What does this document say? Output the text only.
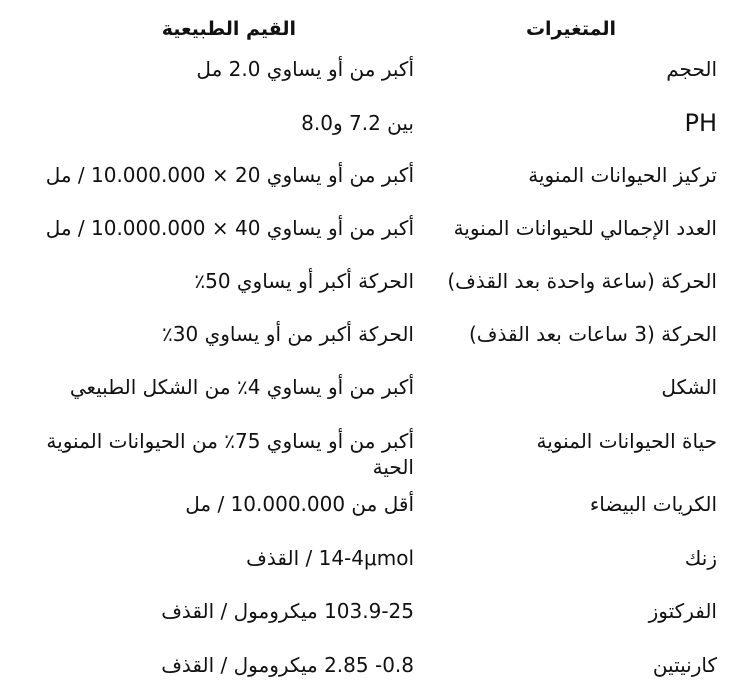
المتغيرات
القيم الطبيعية
الحجم
أكبر من أو يساوي 2.0 مل
PH
بين 7.2 و8.0
تركيز الحيوانات المنوية
أكبر من أو يساوي 20 × 10.000.000 / مل
العدد الإجمالي للحيوانات المنوية
أكبر من أو يساوي 40 × 10.000.000 / مل
الحركة (ساعة واحدة بعد القذف)
الحركة أكبر أو يساوي 50٪
الحركة (3 ساعات بعد القذف)
الحركة أكبر من أو يساوي 30٪
الشكل
أكبر من أو يساوي 4٪ من الشكل الطبيعي
حياة الحيوانات المنوية
أكبر من أو يساوي 75٪ من الحيوانات المنوية الحية
الكريات البيضاء
أقل من 10.000.000 / مل
زنك
14-4μmol / القذف
الفركتوز
103.9-25 ميكرومول / القذف
كارنيتين
0.8- 2.85 ميكرومول / القذف
